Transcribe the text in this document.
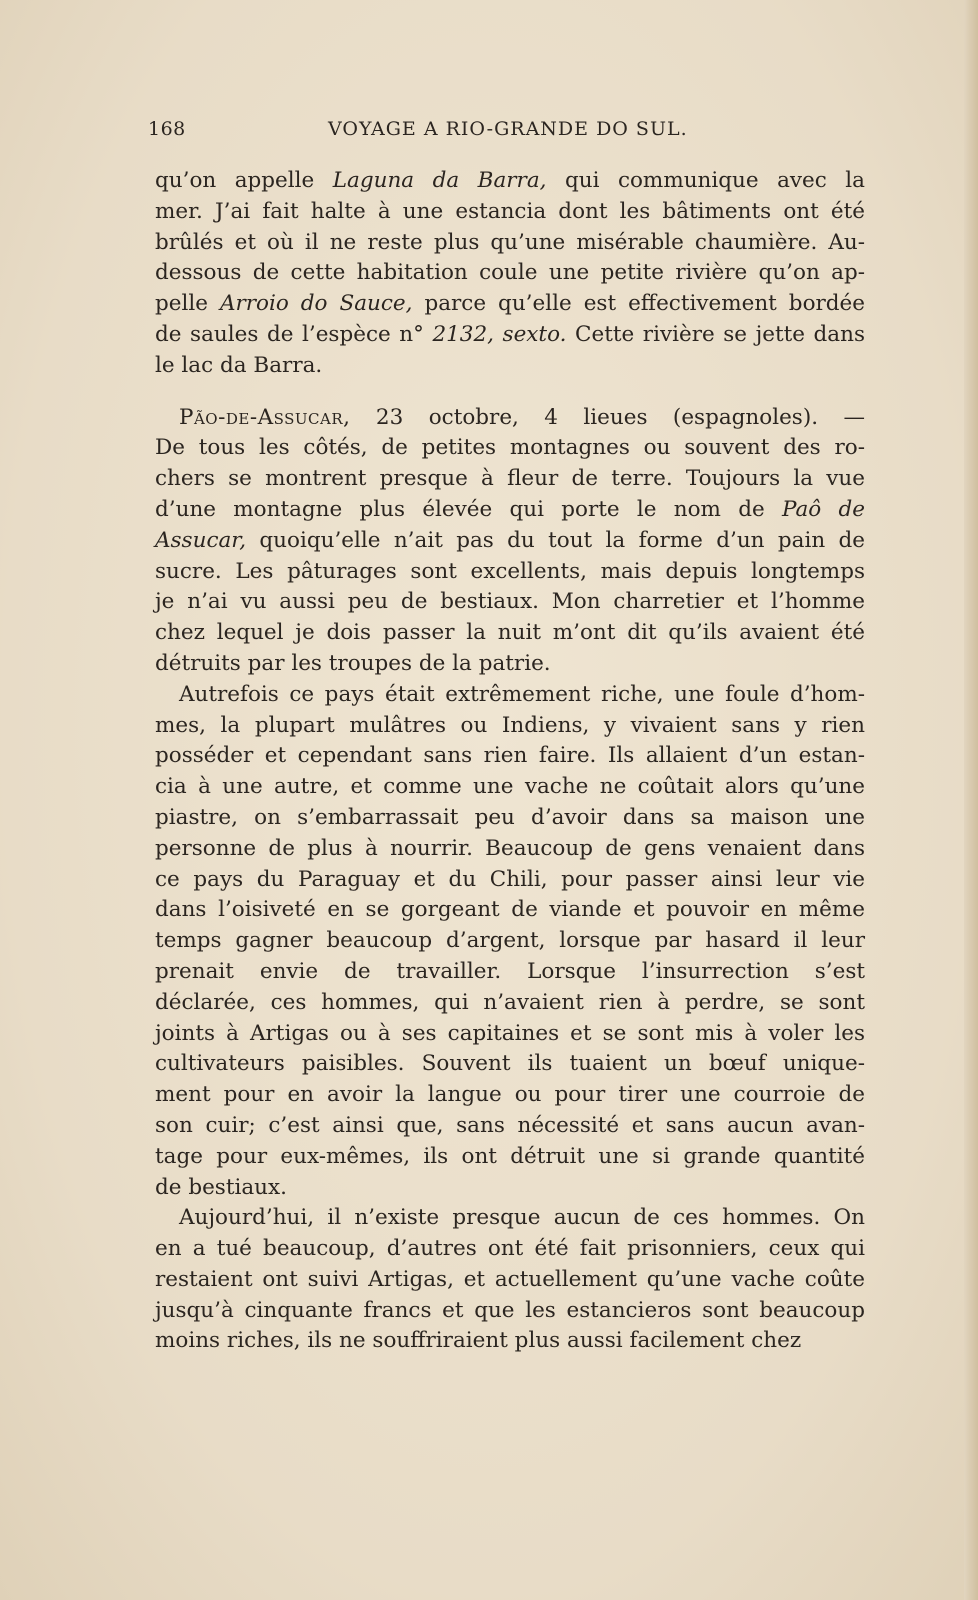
168	VOYAGE A RIO-GRANDE DO SUL.

qu’on appelle Laguna da Barra, qui communique avec la
mer. J’ai fait halte à une estancia dont les bâtiments ont été
brûlés et où il ne reste plus qu’une misérable chaumière. Au-
dessous de cette habitation coule une petite rivière qu’on ap-
pelle Arroio do Sauce, parce qu’elle est effectivement bordée
de saules de l’espèce n° 2132, sexto. Cette rivière se jette dans
le lac da Barra.

Pão-de-Assucar, 23 octobre, 4 lieues (espagnoles). —
De tous les côtés, de petites montagnes ou souvent des ro-
chers se montrent presque à fleur de terre. Toujours la vue
d’une montagne plus élevée qui porte le nom de Paô de
Assucar, quoiqu’elle n’ait pas du tout la forme d’un pain de
sucre. Les pâturages sont excellents, mais depuis longtemps
je n’ai vu aussi peu de bestiaux. Mon charretier et l’homme
chez lequel je dois passer la nuit m’ont dit qu’ils avaient été
détruits par les troupes de la patrie.

Autrefois ce pays était extrêmement riche, une foule d’hom-
mes, la plupart mulâtres ou Indiens, y vivaient sans y rien
posséder et cependant sans rien faire. Ils allaient d’un estan-
cia à une autre, et comme une vache ne coûtait alors qu’une
piastre, on s’embarrassait peu d’avoir dans sa maison une
personne de plus à nourrir. Beaucoup de gens venaient dans
ce pays du Paraguay et du Chili, pour passer ainsi leur vie
dans l’oisiveté en se gorgeant de viande et pouvoir en même
temps gagner beaucoup d’argent, lorsque par hasard il leur
prenait envie de travailler. Lorsque l’insurrection s’est
déclarée, ces hommes, qui n’avaient rien à perdre, se sont
joints à Artigas ou à ses capitaines et se sont mis à voler les
cultivateurs paisibles. Souvent ils tuaient un bœuf unique-
ment pour en avoir la langue ou pour tirer une courroie de
son cuir; c’est ainsi que, sans nécessité et sans aucun avan-
tage pour eux-mêmes, ils ont détruit une si grande quantité
de bestiaux.

Aujourd’hui, il n’existe presque aucun de ces hommes. On
en a tué beaucoup, d’autres ont été fait prisonniers, ceux qui
restaient ont suivi Artigas, et actuellement qu’une vache coûte
jusqu’à cinquante francs et que les estancieros sont beaucoup
moins riches, ils ne souffriraient plus aussi facilement chez
